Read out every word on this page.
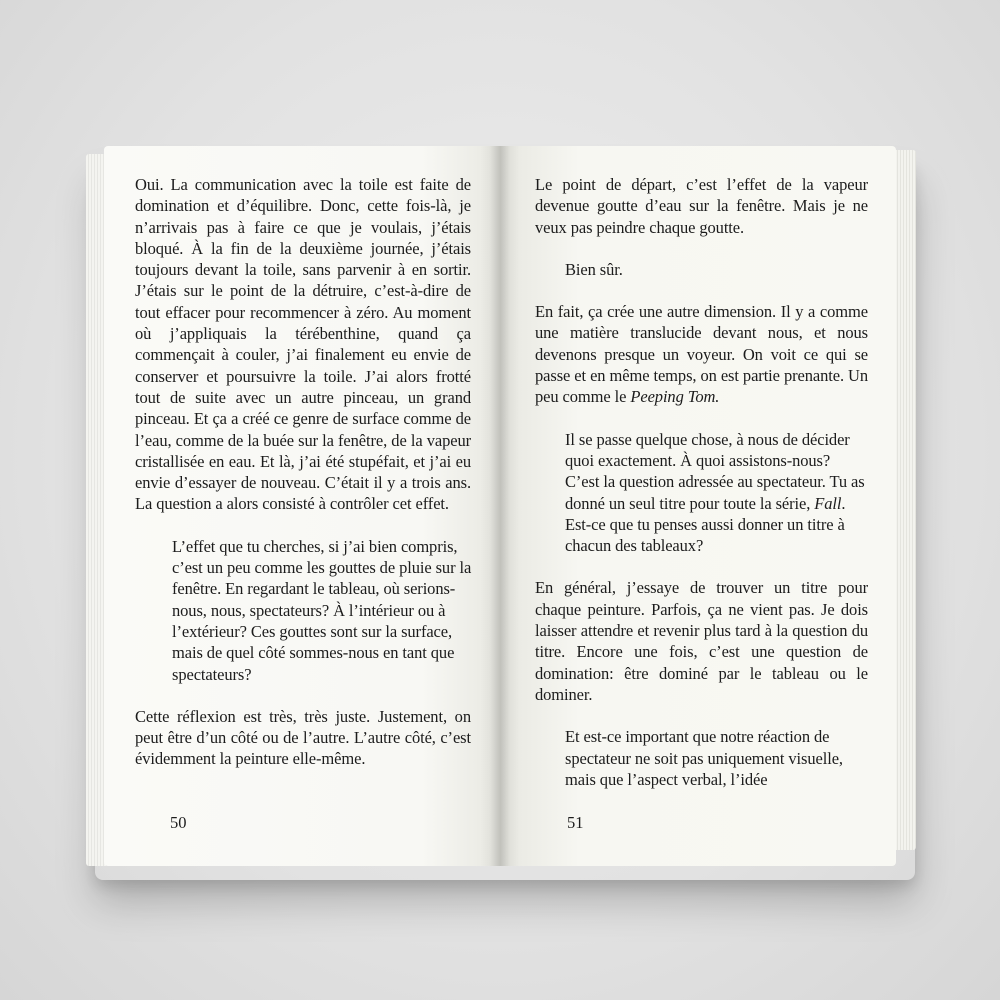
Oui. La communication avec la toile est faite de domination et d’équilibre. Donc, cette fois-là, je n’arrivais pas à faire ce que je voulais, j’étais bloqué. À la fin de la deuxième journée, j’étais toujours devant la toile, sans parvenir à en sortir. J’étais sur le point de la détruire, c’est-à-dire de tout effacer pour recommencer à zéro. Au moment où j’appliquais la térébenthine, quand ça commençait à couler, j’ai finalement eu envie de conserver et poursuivre la toile. J’ai alors frotté tout de suite avec un autre pinceau, un grand pinceau. Et ça a créé ce genre de surface comme de l’eau, comme de la buée sur la fenêtre, de la vapeur cristallisée en eau. Et là, j’ai été stupéfait, et j’ai eu envie d’essayer de nouveau. C’était il y a trois ans. La question a alors consisté à contrôler cet effet.

L’effet que tu cherches, si j’ai bien compris, c’est un peu comme les gouttes de pluie sur la fenêtre. En regardant le tableau, où serions-nous, nous, spectateurs? À l’intérieur ou à l’extérieur? Ces gouttes sont sur la surface, mais de quel côté sommes-nous en tant que spectateurs?

Cette réflexion est très, très juste. Justement, on peut être d’un côté ou de l’autre. L’autre côté, c’est évidemment la peinture elle-même.

50

Le point de départ, c’est l’effet de la vapeur devenue goutte d’eau sur la fenêtre. Mais je ne veux pas peindre chaque goutte.

Bien sûr.

En fait, ça crée une autre dimension. Il y a comme une matière translucide devant nous, et nous devenons presque un voyeur. On voit ce qui se passe et en même temps, on est partie prenante. Un peu comme le Peeping Tom.

Il se passe quelque chose, à nous de décider quoi exactement. À quoi assistons-nous? C’est la question adressée au spectateur. Tu as donné un seul titre pour toute la série, Fall. Est-ce que tu penses aussi donner un titre à chacun des tableaux?

En général, j’essaye de trouver un titre pour chaque peinture. Parfois, ça ne vient pas. Je dois laisser attendre et revenir plus tard à la question du titre. Encore une fois, c’est une question de domination: être dominé par le tableau ou le dominer.

Et est-ce important que notre réaction de spectateur ne soit pas uniquement visuelle, mais que l’aspect verbal, l’idée

51
